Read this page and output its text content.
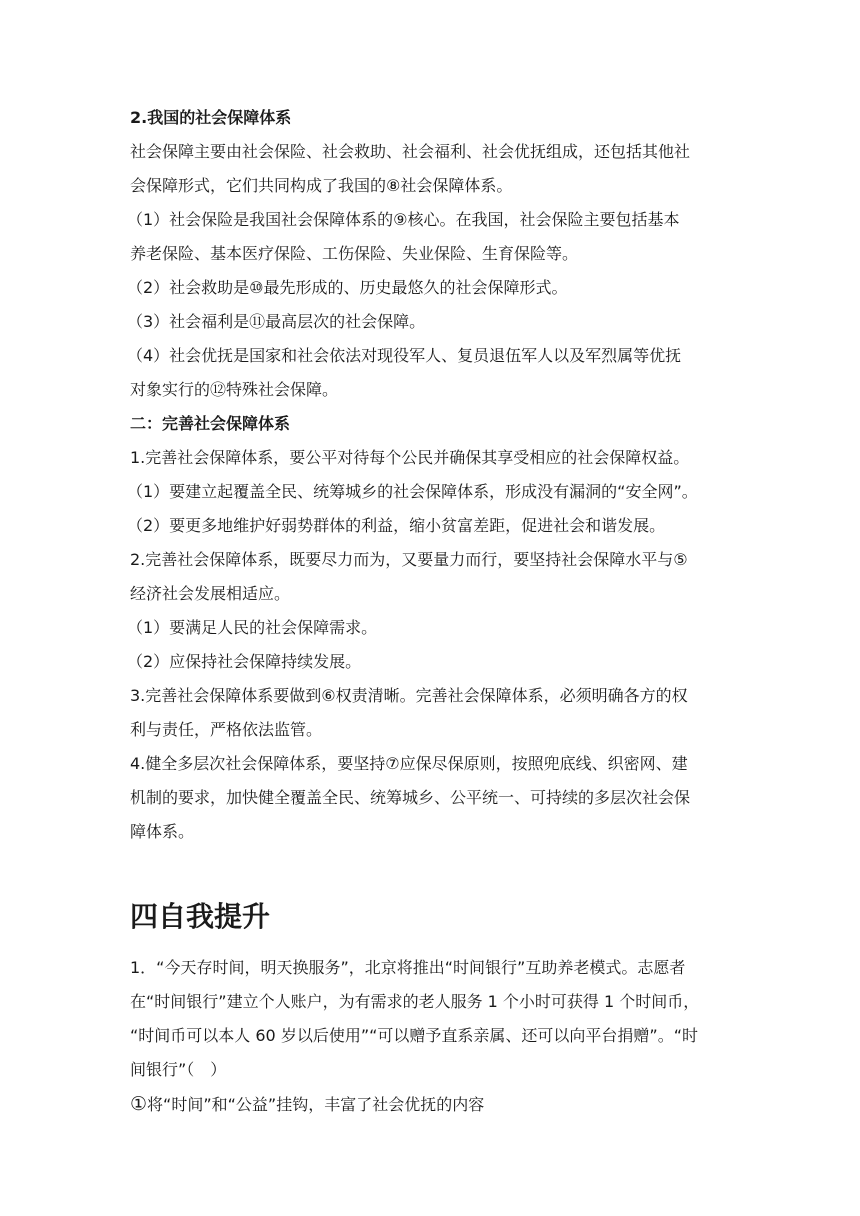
2.我国的社会保障体系
社会保障主要由社会保险、社会救助、社会福利、社会优抚组成，还包括其他社
会保障形式，它们共同构成了我国的⑧社会保障体系。
（1）社会保险是我国社会保障体系的⑨核心。在我国，社会保险主要包括基本
养老保险、基本医疗保险、工伤保险、失业保险、生育保险等。
（2）社会救助是⑩最先形成的、历史最悠久的社会保障形式。
（3）社会福利是⑪最高层次的社会保障。
（4）社会优抚是国家和社会依法对现役军人、复员退伍军人以及军烈属等优抚
对象实行的⑫特殊社会保障。
二：完善社会保障体系
1.完善社会保障体系，要公平对待每个公民并确保其享受相应的社会保障权益。
（1）要建立起覆盖全民、统筹城乡的社会保障体系，形成没有漏洞的“安全网”。
（2）要更多地维护好弱势群体的利益，缩小贫富差距，促进社会和谐发展。
2.完善社会保障体系，既要尽力而为，又要量力而行，要坚持社会保障水平与⑤
经济社会发展相适应。
（1）要满足人民的社会保障需求。
（2）应保持社会保障持续发展。
3.完善社会保障体系要做到⑥权责清晰。完善社会保障体系，必须明确各方的权
利与责任，严格依法监管。
4.健全多层次社会保障体系，要坚持⑦应保尽保原则，按照兜底线、织密网、建
机制的要求，加快健全覆盖全民、统筹城乡、公平统一、可持续的多层次社会保
障体系。
四自我提升
1．“今天存时间，明天换服务”，北京将推出“时间银行”互助养老模式。志愿者
在“时间银行”建立个人账户，为有需求的老人服务 1 个小时可获得 1 个时间币，
“时间币可以本人 60 岁以后使用”“可以赠予直系亲属、还可以向平台捐赠”。“时
间银行”（　）
①将“时间”和“公益”挂钩，丰富了社会优抚的内容
